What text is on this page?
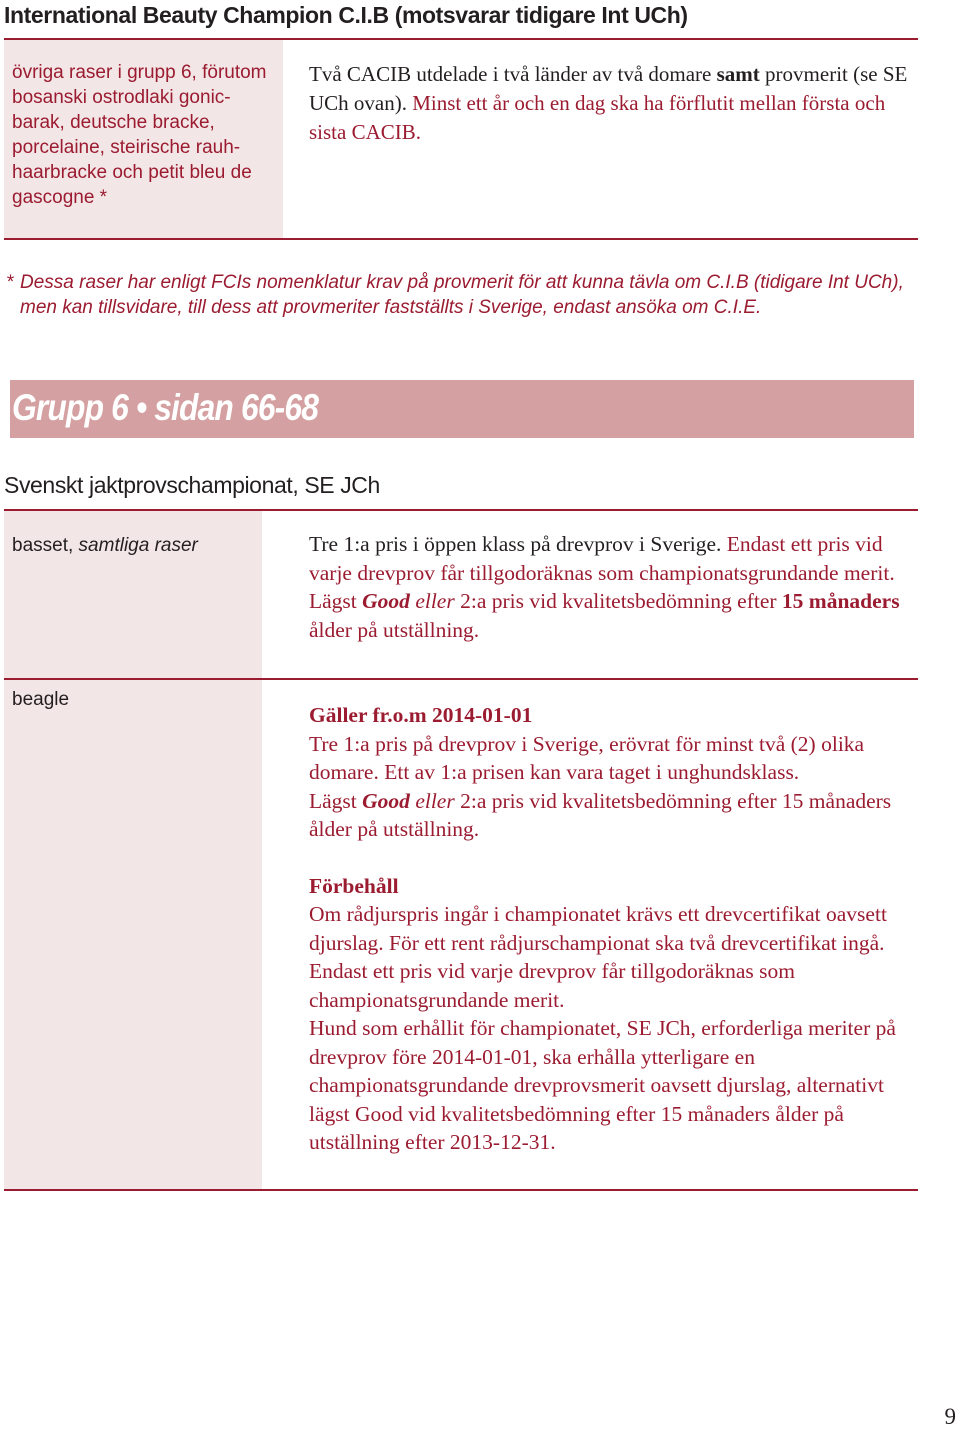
International Beauty Champion C.I.B (motsvarar tidigare Int UCh)
övriga raser i grupp 6, förutom bosanski ostrodlaki gonic-barak, deutsche bracke, porcelaine, steirische rauh-haarbracke och petit bleu de gascogne *
Två CACIB utdelade i två länder av två domare samt provmerit (se SE UCh ovan). Minst ett år och en dag ska ha förflutit mellan första och sista CACIB.
* Dessa raser har enligt FCIs nomenklatur krav på provmerit för att kunna tävla om C.I.B (tidigare Int UCh), men kan tillsvidare, till dess att provmeriter fastställts i Sverige, endast ansöka om C.I.E.
Grupp 6 • sidan 66-68
Svenskt jaktprovschampionat, SE JCh
basset, samtliga raser
beagle

Tre 1:a pris i öppen klass på drevprov i Sverige. Endast ett pris vid varje drevprov får tillgodoräknas som championatsgrundande merit.

Lägst Good eller 2:a pris vid kvalitetsbedömning efter 15 månaders ålder på utställning.

Gäller fr.o.m 2014-01-01

Tre 1:a pris på drevprov i Sverige, erövrat för minst två (2) olika domare. Ett av 1:a prisen kan vara taget i unghundsklass.

Lägst Good eller 2:a pris vid kvalitetsbedömning efter 15 månaders ålder på utställning.

Förbehåll

Om rådjurspris ingår i championatet krävs ett drevcertifikat oavsett djurslag. För ett rent rådjurschampionat ska två drevcertifikat ingå.

Endast ett pris vid varje drevprov får tillgodoräknas som championatsgrundande merit.

Hund som erhållit för championatet, SE JCh, erforderliga meriter på drevprov före 2014-01-01, ska erhålla ytterligare en championatsgrundande drevprovsmerit oavsett djurslag, alternativt lägst Good vid kvalitetsbedömning efter 15 månaders ålder på utställning efter 2013-12-31.

9
